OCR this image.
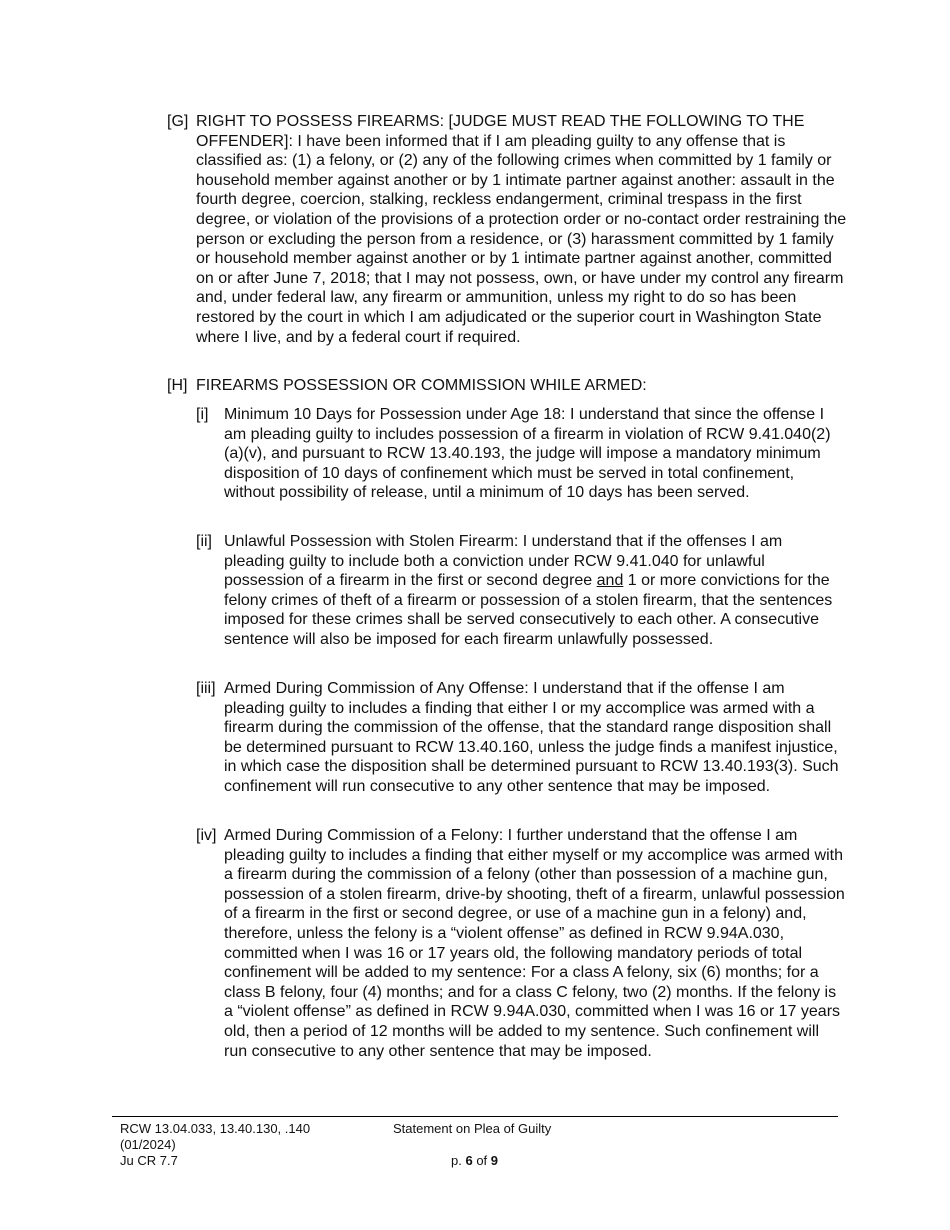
[G] RIGHT TO POSSESS FIREARMS: [JUDGE MUST READ THE FOLLOWING TO THE OFFENDER]: I have been informed that if I am pleading guilty to any offense that is classified as: (1) a felony, or (2) any of the following crimes when committed by 1 family or household member against another or by 1 intimate partner against another: assault in the fourth degree, coercion, stalking, reckless endangerment, criminal trespass in the first degree, or violation of the provisions of a protection order or no-contact order restraining the person or excluding the person from a residence, or (3) harassment committed by 1 family or household member against another or by 1 intimate partner against another, committed on or after June 7, 2018; that I may not possess, own, or have under my control any firearm and, under federal law, any firearm or ammunition, unless my right to do so has been restored by the court in which I am adjudicated or the superior court in Washington State where I live, and by a federal court if required.
[H] FIREARMS POSSESSION OR COMMISSION WHILE ARMED:
[i] Minimum 10 Days for Possession under Age 18: I understand that since the offense I am pleading guilty to includes possession of a firearm in violation of RCW 9.41.040(2)(a)(v), and pursuant to RCW 13.40.193, the judge will impose a mandatory minimum disposition of 10 days of confinement which must be served in total confinement, without possibility of release, until a minimum of 10 days has been served.
[ii] Unlawful Possession with Stolen Firearm: I understand that if the offenses I am pleading guilty to include both a conviction under RCW 9.41.040 for unlawful possession of a firearm in the first or second degree and 1 or more convictions for the felony crimes of theft of a firearm or possession of a stolen firearm, that the sentences imposed for these crimes shall be served consecutively to each other. A consecutive sentence will also be imposed for each firearm unlawfully possessed.
[iii] Armed During Commission of Any Offense: I understand that if the offense I am pleading guilty to includes a finding that either I or my accomplice was armed with a firearm during the commission of the offense, that the standard range disposition shall be determined pursuant to RCW 13.40.160, unless the judge finds a manifest injustice, in which case the disposition shall be determined pursuant to RCW 13.40.193(3). Such confinement will run consecutive to any other sentence that may be imposed.
[iv] Armed During Commission of a Felony: I further understand that the offense I am pleading guilty to includes a finding that either myself or my accomplice was armed with a firearm during the commission of a felony (other than possession of a machine gun, possession of a stolen firearm, drive-by shooting, theft of a firearm, unlawful possession of a firearm in the first or second degree, or use of a machine gun in a felony) and, therefore, unless the felony is a “violent offense” as defined in RCW 9.94A.030, committed when I was 16 or 17 years old, the following mandatory periods of total confinement will be added to my sentence: For a class A felony, six (6) months; for a class B felony, four (4) months; and for a class C felony, two (2) months. If the felony is a “violent offense” as defined in RCW 9.94A.030, committed when I was 16 or 17 years old, then a period of 12 months will be added to my sentence. Such confinement will run consecutive to any other sentence that may be imposed.
RCW 13.04.033, 13.40.130, .140
(01/2024)
Ju CR 7.7
Statement on Plea of Guilty
p. 6 of 9
